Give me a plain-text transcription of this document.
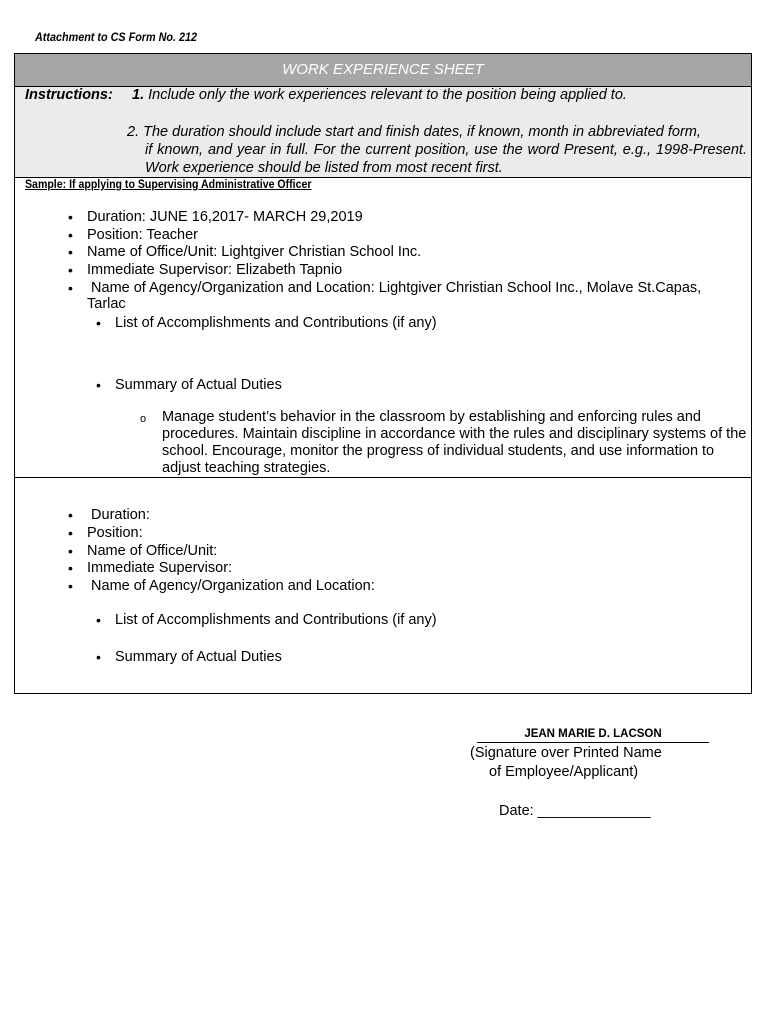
Attachment to CS Form No. 212
WORK EXPERIENCE SHEET
Instructions: 1. Include only the work experiences relevant to the position being applied to.
2. The duration should include start and finish dates, if known, month in abbreviated form,
if known, and year in full. For the current position, use the word Present, e.g., 1998-Present. Work experience should be listed from most recent first.
Sample: If applying to Supervising Administrative Officer
• Duration: JUNE 16,2017- MARCH 29,2019
• Position: Teacher
• Name of Office/Unit: Lightgiver Christian School Inc.
• Immediate Supervisor: Elizabeth Tapnio
•  Name of Agency/Organization and Location: Lightgiver Christian School Inc., Molave St.Capas,
Tarlac
• List of Accomplishments and Contributions (if any)
• Summary of Actual Duties
o Manage student’s behavior in the classroom by establishing and enforcing rules and procedures. Maintain discipline in accordance with the rules and disciplinary systems of the school. Encourage, monitor the progress of individual students, and use information to adjust teaching strategies.
•  Duration:
• Position:
• Name of Office/Unit:
• Immediate Supervisor:
•  Name of Agency/Organization and Location:
• List of Accomplishments and Contributions (if any)
• Summary of Actual Duties
JEAN MARIE D. LACSON
(Signature over Printed Name
of Employee/Applicant)
Date: ______________
